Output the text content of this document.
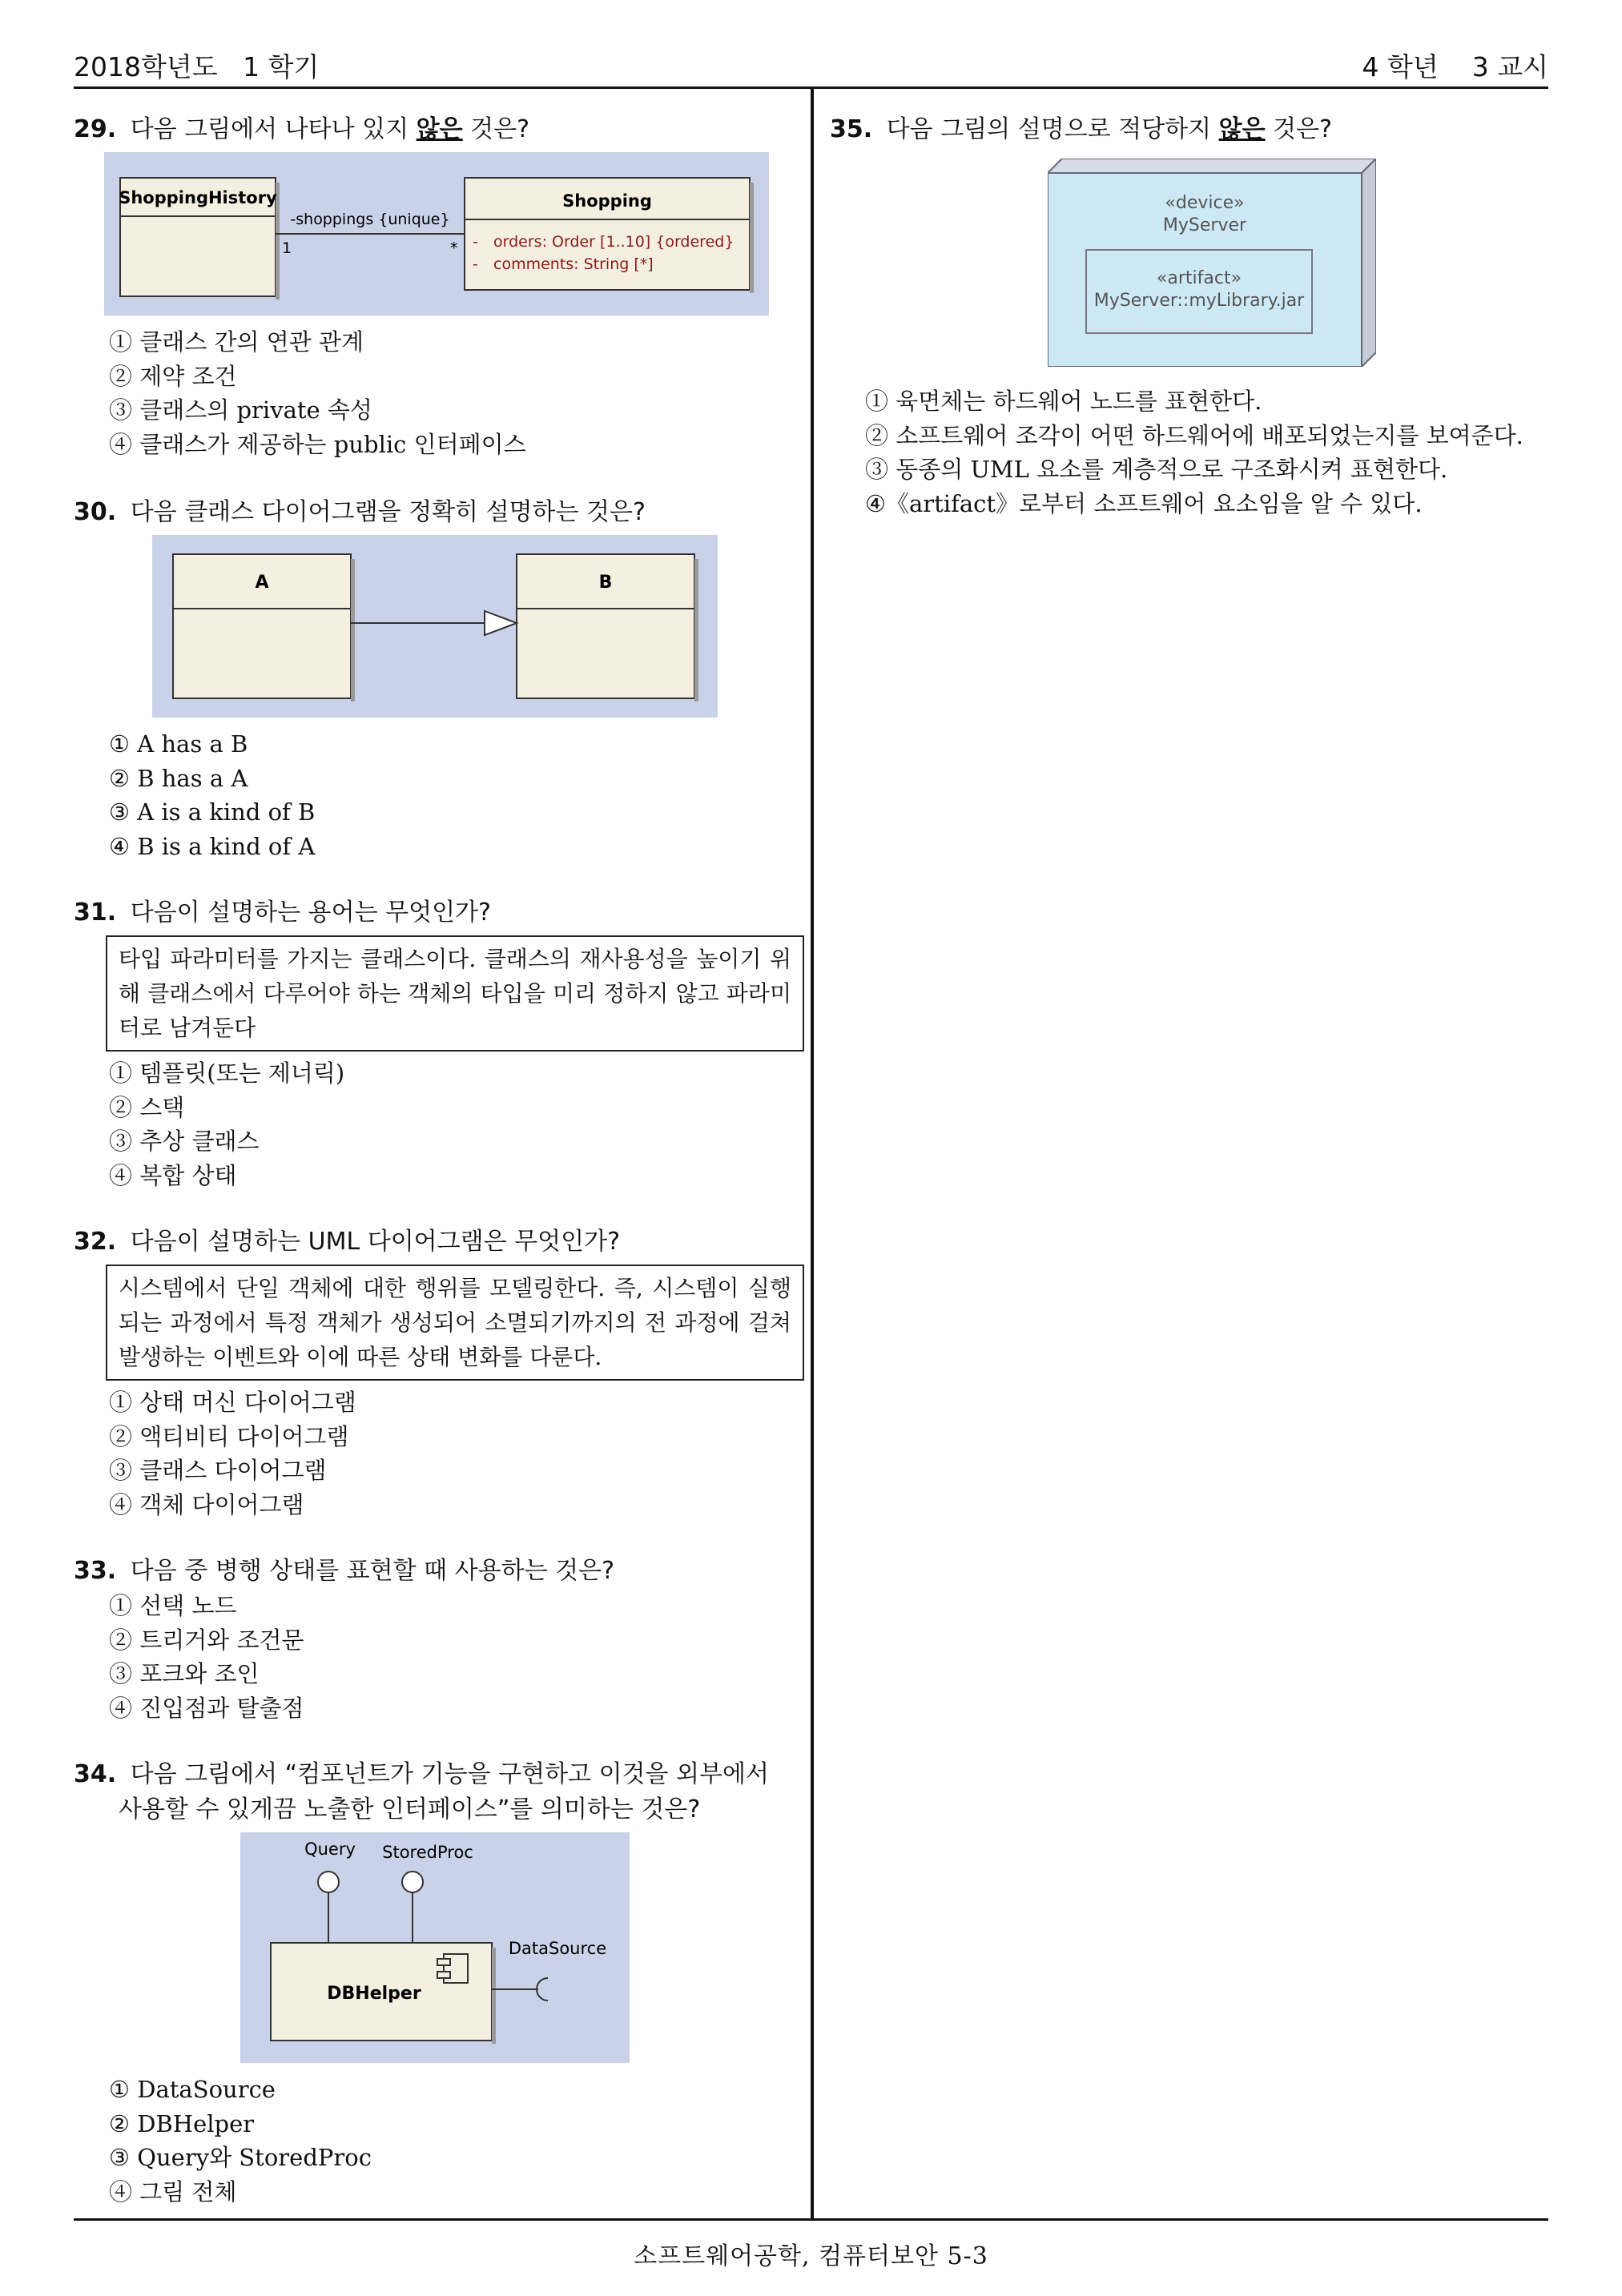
2018학년도   1 학기	4 학년    3 교시

29. 다음 그림에서 나타나 있지 않은 것은?

ShoppingHistory	Shopping
- orders: Order [1..10] {ordered}
- comments: String [*]
-shoppings {unique}
1	*
① 클래스 간의 연관 관계
② 제약 조건
③ 클래스의 private 속성
④ 클래스가 제공하는 public 인터페이스

30. 다음 클래스 다이어그램을 정확히 설명하는 것은?

A	B
① A has a B
② B has a A
③ A is a kind of B
④ B is a kind of A

31. 다음이 설명하는 용어는 무엇인가?

타입 파라미터를 가지는 클래스이다. 클래스의 재사용성을 높이기 위해 클래스에서 다루어야 하는 객체의 타입을 미리 정하지 않고 파라미터로 남겨둔다
① 템플릿(또는 제너릭)
② 스택
③ 추상 클래스
④ 복합 상태

32. 다음이 설명하는 UML 다이어그램은 무엇인가?

시스템에서 단일 객체에 대한 행위를 모델링한다. 즉, 시스템이 실행되는 과정에서 특정 객체가 생성되어 소멸되기까지의 전 과정에 걸쳐 발생하는 이벤트와 이에 따른 상태 변화를 다룬다.
① 상태 머신 다이어그램
② 액티비티 다이어그램
③ 클래스 다이어그램
④ 객체 다이어그램

33. 다음 중 병행 상태를 표현할 때 사용하는 것은?

① 선택 노드
② 트리거와 조건문
③ 포크와 조인
④ 진입점과 탈출점

34. 다음 그림에서 “컴포넌트가 기능을 구현하고 이것을 외부에서
사용할 수 있게끔 노출한 인터페이스”를 의미하는 것은?

Query StoredProc
DBHelper
DataSource
① DataSource
② DBHelper
③ Query와 StoredProc
④ 그림 전체

35. 다음 그림의 설명으로 적당하지 않은 것은?

«device»
MyServer
«artifact»
MyServer::myLibrary.jar
① 육면체는 하드웨어 노드를 표현한다.
② 소프트웨어 조각이 어떤 하드웨어에 배포되었는지를 보여준다.
③ 동종의 UML 요소를 계층적으로 구조화시켜 표현한다.
④《artifact》로부터 소프트웨어 요소임을 알 수 있다.
소프트웨어공학, 컴퓨터보안 5-3
